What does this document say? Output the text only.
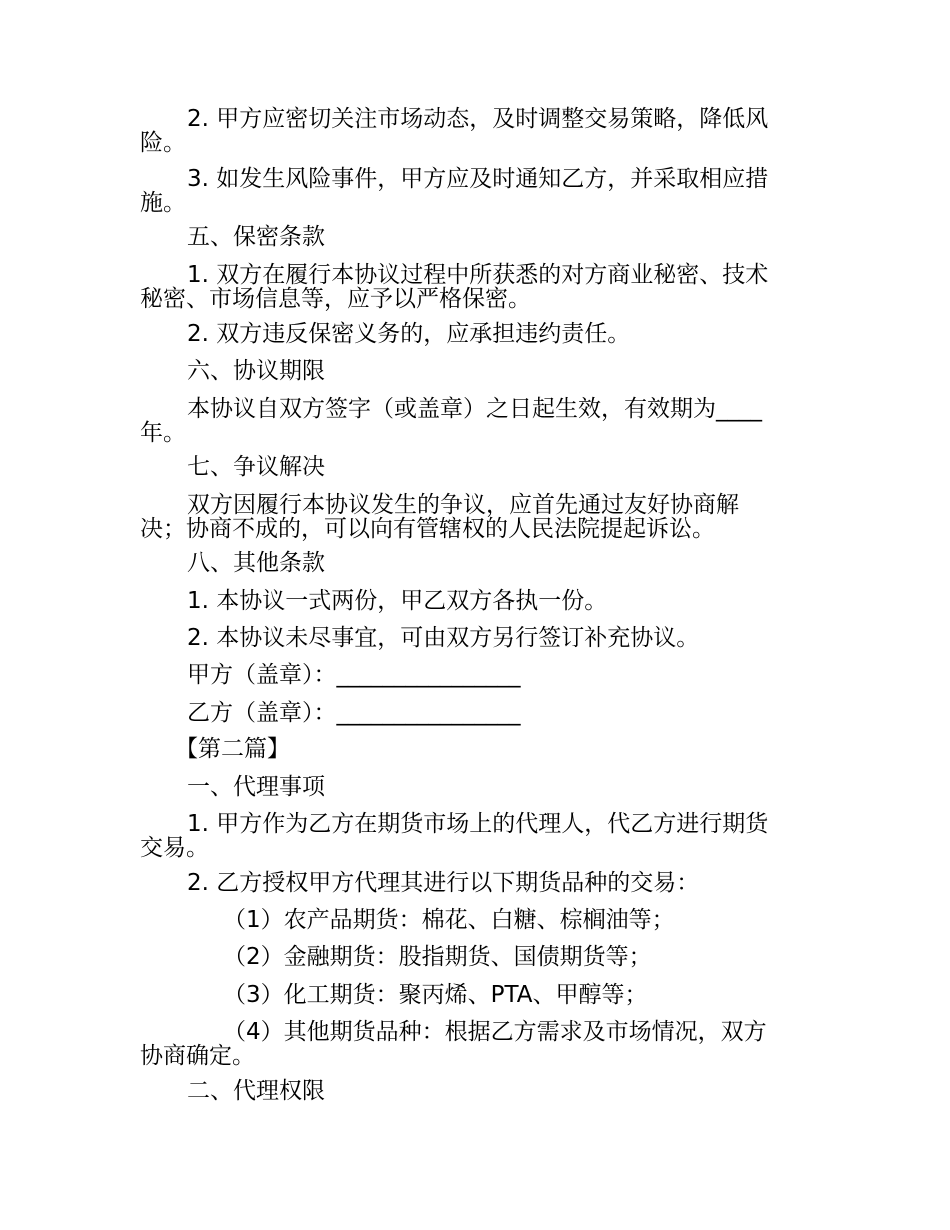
2. 甲方应密切关注市场动态，及时调整交易策略，降低风
险。
3. 如发生风险事件，甲方应及时通知乙方，并采取相应措
施。
五、保密条款
1. 双方在履行本协议过程中所获悉的对方商业秘密、技术
秘密、市场信息等，应予以严格保密。
2. 双方违反保密义务的，应承担违约责任。
六、协议期限
本协议自双方签字（或盖章）之日起生效，有效期为____
年。
七、争议解决
双方因履行本协议发生的争议，应首先通过友好协商解
决；协商不成的，可以向有管辖权的人民法院提起诉讼。
八、其他条款
1. 本协议一式两份，甲乙双方各执一份。
2. 本协议未尽事宜，可由双方另行签订补充协议。
甲方（盖章）：________________
乙方（盖章）：________________
【第二篇】
一、代理事项
1. 甲方作为乙方在期货市场上的代理人，代乙方进行期货
交易。
2. 乙方授权甲方代理其进行以下期货品种的交易：
（1）农产品期货：棉花、白糖、棕榈油等；
（2）金融期货：股指期货、国债期货等；
（3）化工期货：聚丙烯、PTA、甲醇等；
（4）其他期货品种：根据乙方需求及市场情况，双方
协商确定。
二、代理权限
